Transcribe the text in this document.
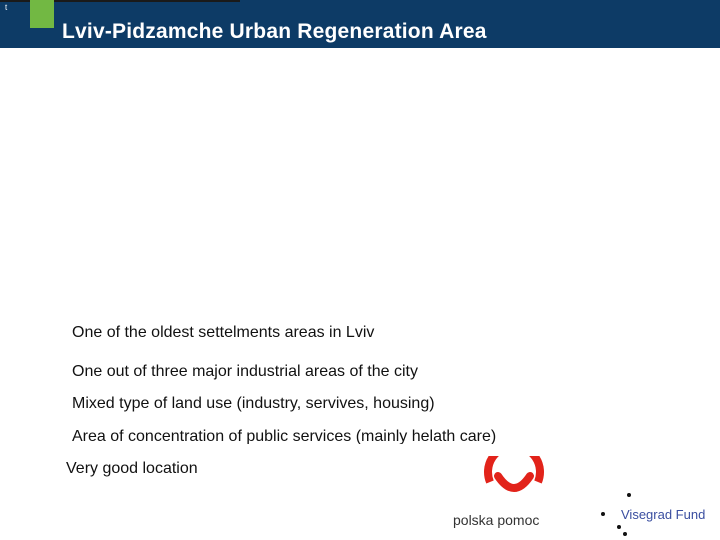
t
Lviv-Pidzamche Urban Regeneration Area
One of the oldest settelments areas in Lviv
One out of three major industrial areas of the city
Mixed type of land use (industry, servives, housing)
Area of concentration of public services (mainly helath care)
Very good location
polska pomoc	Visegrad Fund
